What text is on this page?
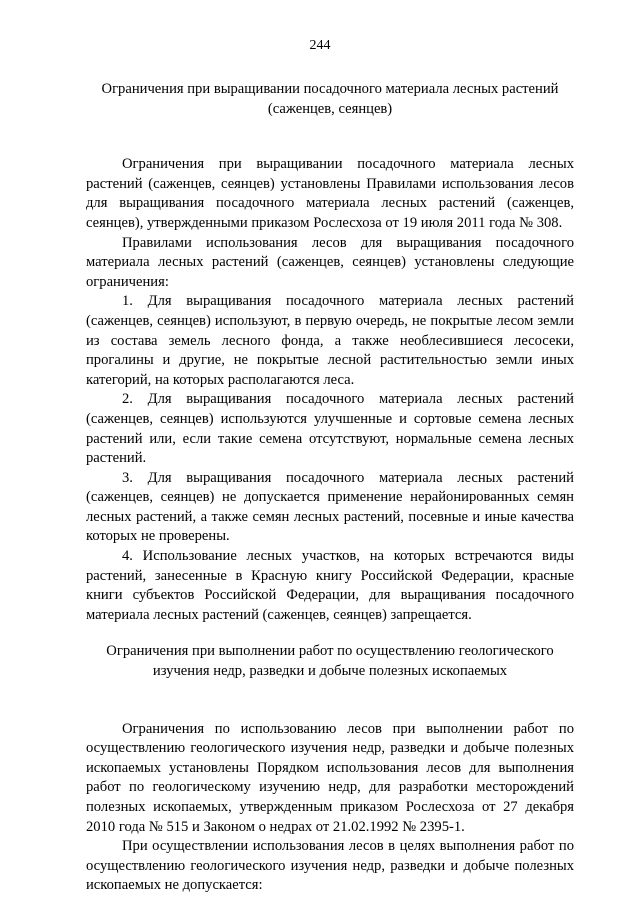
244
Ограничения при выращивании посадочного материала лесных растений
(саженцев, сеянцев)

Ограничения при выращивании посадочного материала лесных растений (саженцев, сеянцев) установлены Правилами использования лесов для выращивания посадочного материала лесных растений (саженцев, сеянцев), утвержденными приказом Рослесхоза от 19 июля 2011 года № 308.

Правилами использования лесов для выращивания посадочного материала лесных растений (саженцев, сеянцев) установлены следующие ограничения:

1. Для выращивания посадочного материала лесных растений (саженцев, сеянцев) используют, в первую очередь, не покрытые лесом земли из состава земель лесного фонда, а также необлесившиеся лесосеки, прогалины и другие, не покрытые лесной растительностью земли иных категорий, на которых располагаются леса.

2. Для выращивания посадочного материала лесных растений (саженцев, сеянцев) используются улучшенные и сортовые семена лесных растений или, если такие семена отсутствуют, нормальные семена лесных растений.

3. Для выращивания посадочного материала лесных растений (саженцев, сеянцев) не допускается применение нерайонированных семян лесных растений, а также семян лесных растений, посевные и иные качества которых не проверены.

4. Использование лесных участков, на которых встречаются виды растений, занесенные в Красную книгу Российской Федерации, красные книги субъектов Российской Федерации, для выращивания посадочного материала лесных растений (саженцев, сеянцев) запрещается.

Ограничения при выполнении работ по осуществлению геологического
изучения недр, разведки и добыче полезных ископаемых

Ограничения по использованию лесов при выполнении работ по осуществлению геологического изучения недр, разведки и добыче полезных ископаемых установлены Порядком использования лесов для выполнения работ по геологическому изучению недр, для разработки месторождений полезных ископаемых, утвержденным приказом Рослесхоза от 27 декабря 2010 года № 515 и Законом о недрах от 21.02.1992 № 2395-1.

При осуществлении использования лесов в целях выполнения работ по осуществлению геологического изучения недр, разведки и добыче полезных ископаемых не допускается:
